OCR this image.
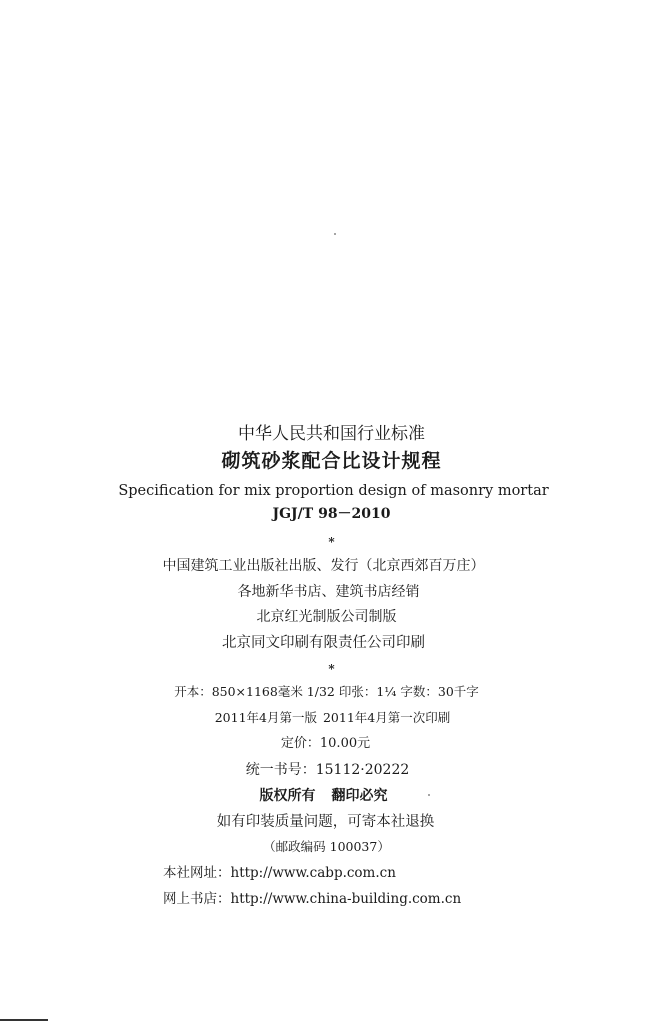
中华人民共和国行业标准
砌筑砂浆配合比设计规程
Specification for mix proportion design of masonry mortar
JGJ/T 98－2010
*
中国建筑工业出版社出版、发行（北京西郊百万庄）
各地新华书店、建筑书店经销
北京红光制版公司制版
北京同文印刷有限责任公司印刷
*
开本：850×1168毫米 1/32 印张：1¼ 字数：30千字
2011年4月第一版 2011年4月第一次印刷
定价：10.00元
统一书号：15112·20222
版权所有 翻印必究
如有印装质量问题，可寄本社退换
（邮政编码 100037）
本社网址：http://www.cabp.com.cn
网上书店：http://www.china-building.com.cn
